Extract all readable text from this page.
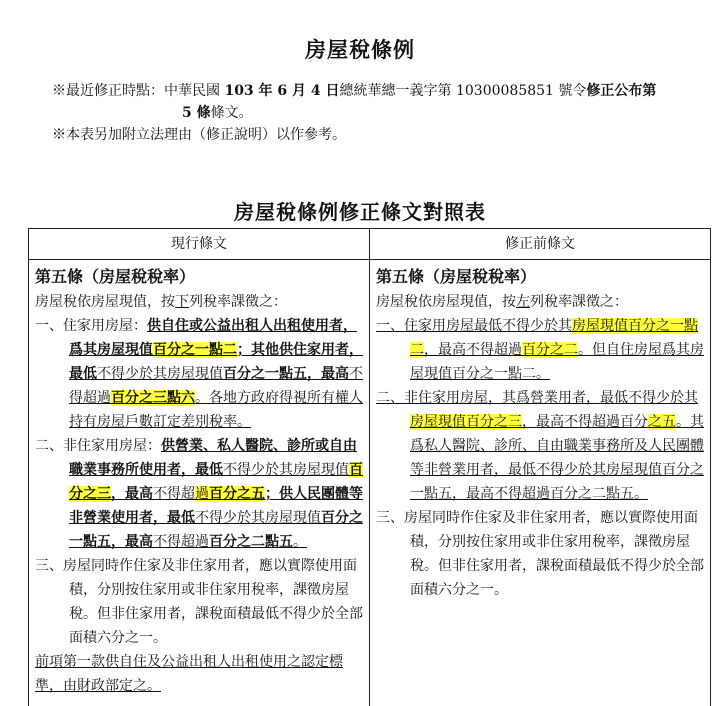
房屋稅條例
※最近修正時點：中華民國 103 年 6 月 4 日總統華總一義字第 10300085851 號令修正公布第
5 條條文。
※本表另加附立法理由（修正說明）以作參考。
房屋稅條例修正條文對照表
現行條文
第五條（房屋稅稅率）
房屋稅依房屋現值，按下列稅率課徵之：
一、住家用房屋：供自住或公益出租人出租使用者，爲其房屋現值百分之一點二；其他供住家用者，最低不得少於其房屋現值百分之一點五，最高不得超過百分之三點六。各地方政府得視所有權人持有房屋戶數訂定差別稅率。
二、非住家用房屋：供營業、私人醫院、診所或自由職業事務所使用者，最低不得少於其房屋現值百分之三，最高不得超過百分之五；供人民團體等非營業使用者，最低不得少於其房屋現值百分之一點五，最高不得超過百分之二點五。
三、房屋同時作住家及非住家用者，應以實際使用面積，分別按住家用或非住家用稅率，課徵房屋稅。但非住家用者，課稅面積最低不得少於全部面積六分之一。
前項第一款供自住及公益出租人出租使用之認定標準，由財政部定之。
修正前條文
第五條（房屋稅稅率）
房屋稅依房屋現值，按左列稅率課徵之：
一、住家用房屋最低不得少於其房屋現值百分之一點二，最高不得超過百分之二。但自住房屋爲其房屋現值百分之一點二。
二、非住家用房屋，其爲營業用者，最低不得少於其房屋現值百分之三，最高不得超過百分之五。其爲私人醫院、診所、自由職業事務所及人民團體等非營業用者，最低不得少於其房屋現值百分之一點五，最高不得超過百分之二點五。
三、房屋同時作住家及非住家用者，應以實際使用面積，分別按住家用或非住家用稅率，課徵房屋稅。但非住家用者，課稅面積最低不得少於全部面積六分之一。
